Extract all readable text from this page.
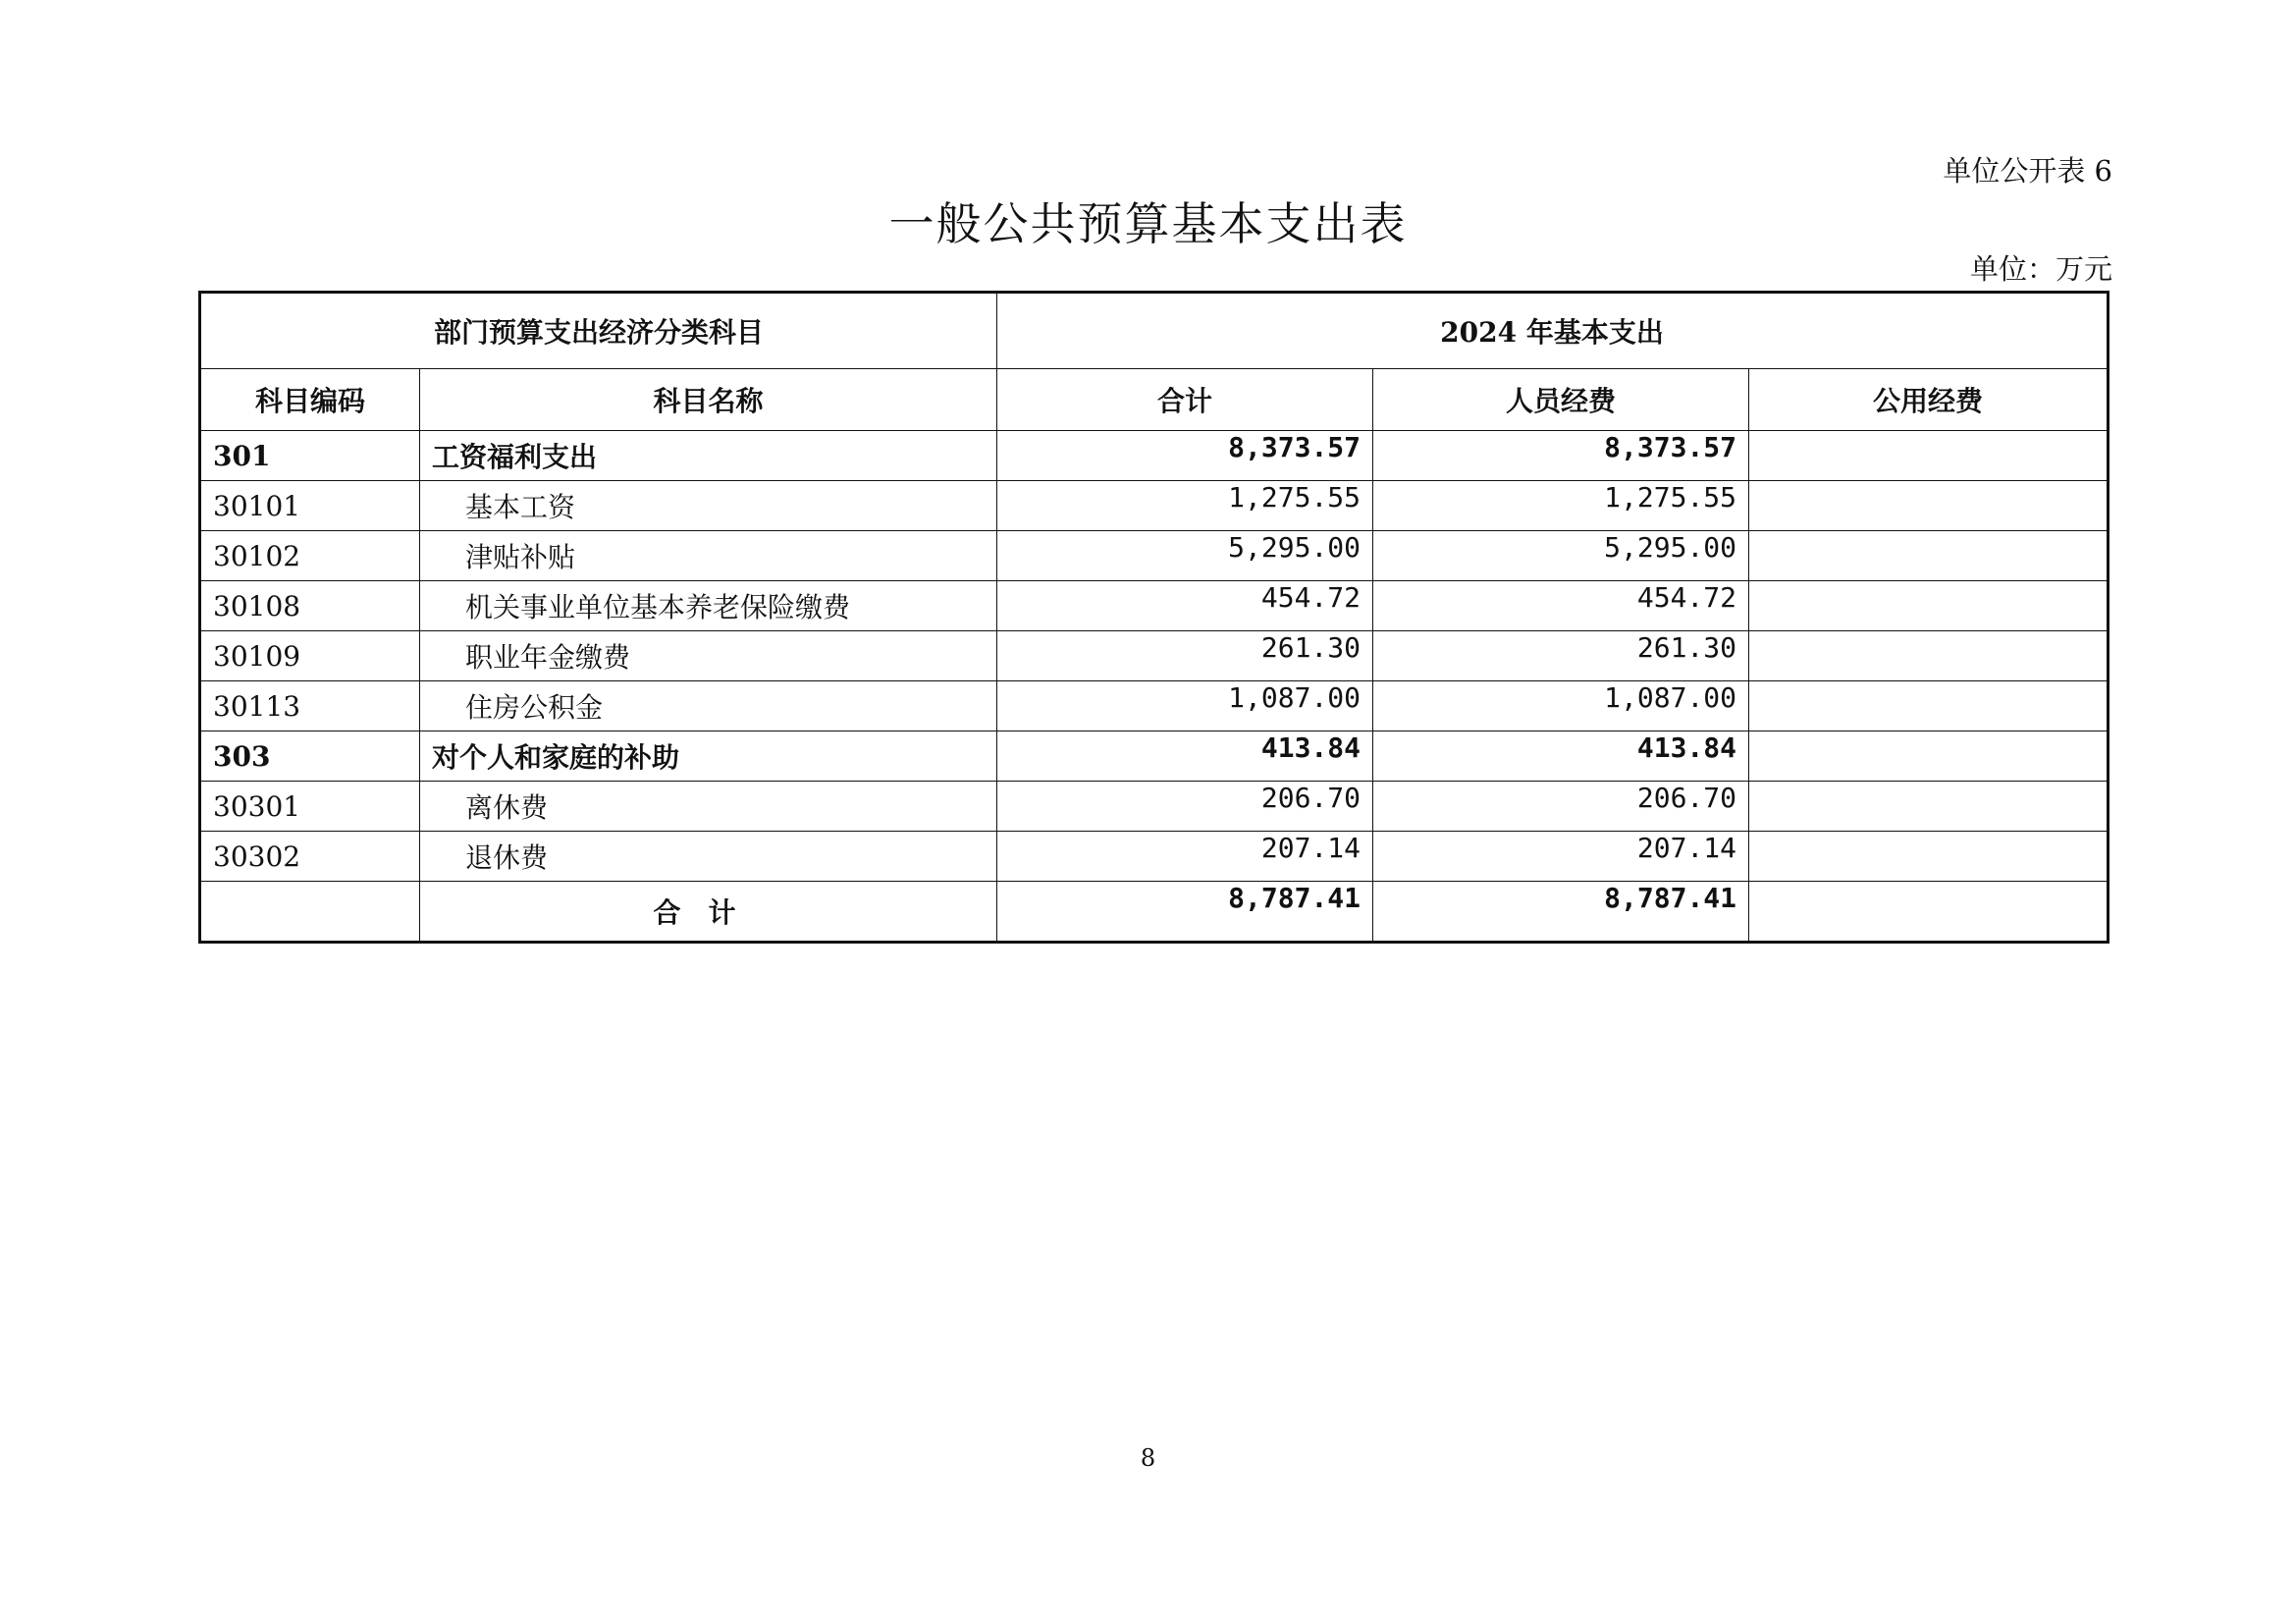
单位公开表 6
一般公共预算基本支出表
单位：万元
部门预算支出经济分类科目		2024 年基本支出		
科目编码	科目名称	合计	人员经费	公用经费
301	工资福利支出	8,373.57	8,373.57	
30101	基本工资	1,275.55	1,275.55	
30102	津贴补贴	5,295.00	5,295.00	
30108	机关事业单位基本养老保险缴费	454.72	454.72	
30109	职业年金缴费	261.30	261.30	
30113	住房公积金	1,087.00	1,087.00	
303	对个人和家庭的补助	413.84	413.84	
30301	离休费	206.70	206.70	
30302	退休费	207.14	207.14	
	合计	8,787.41	8,787.41	
8
